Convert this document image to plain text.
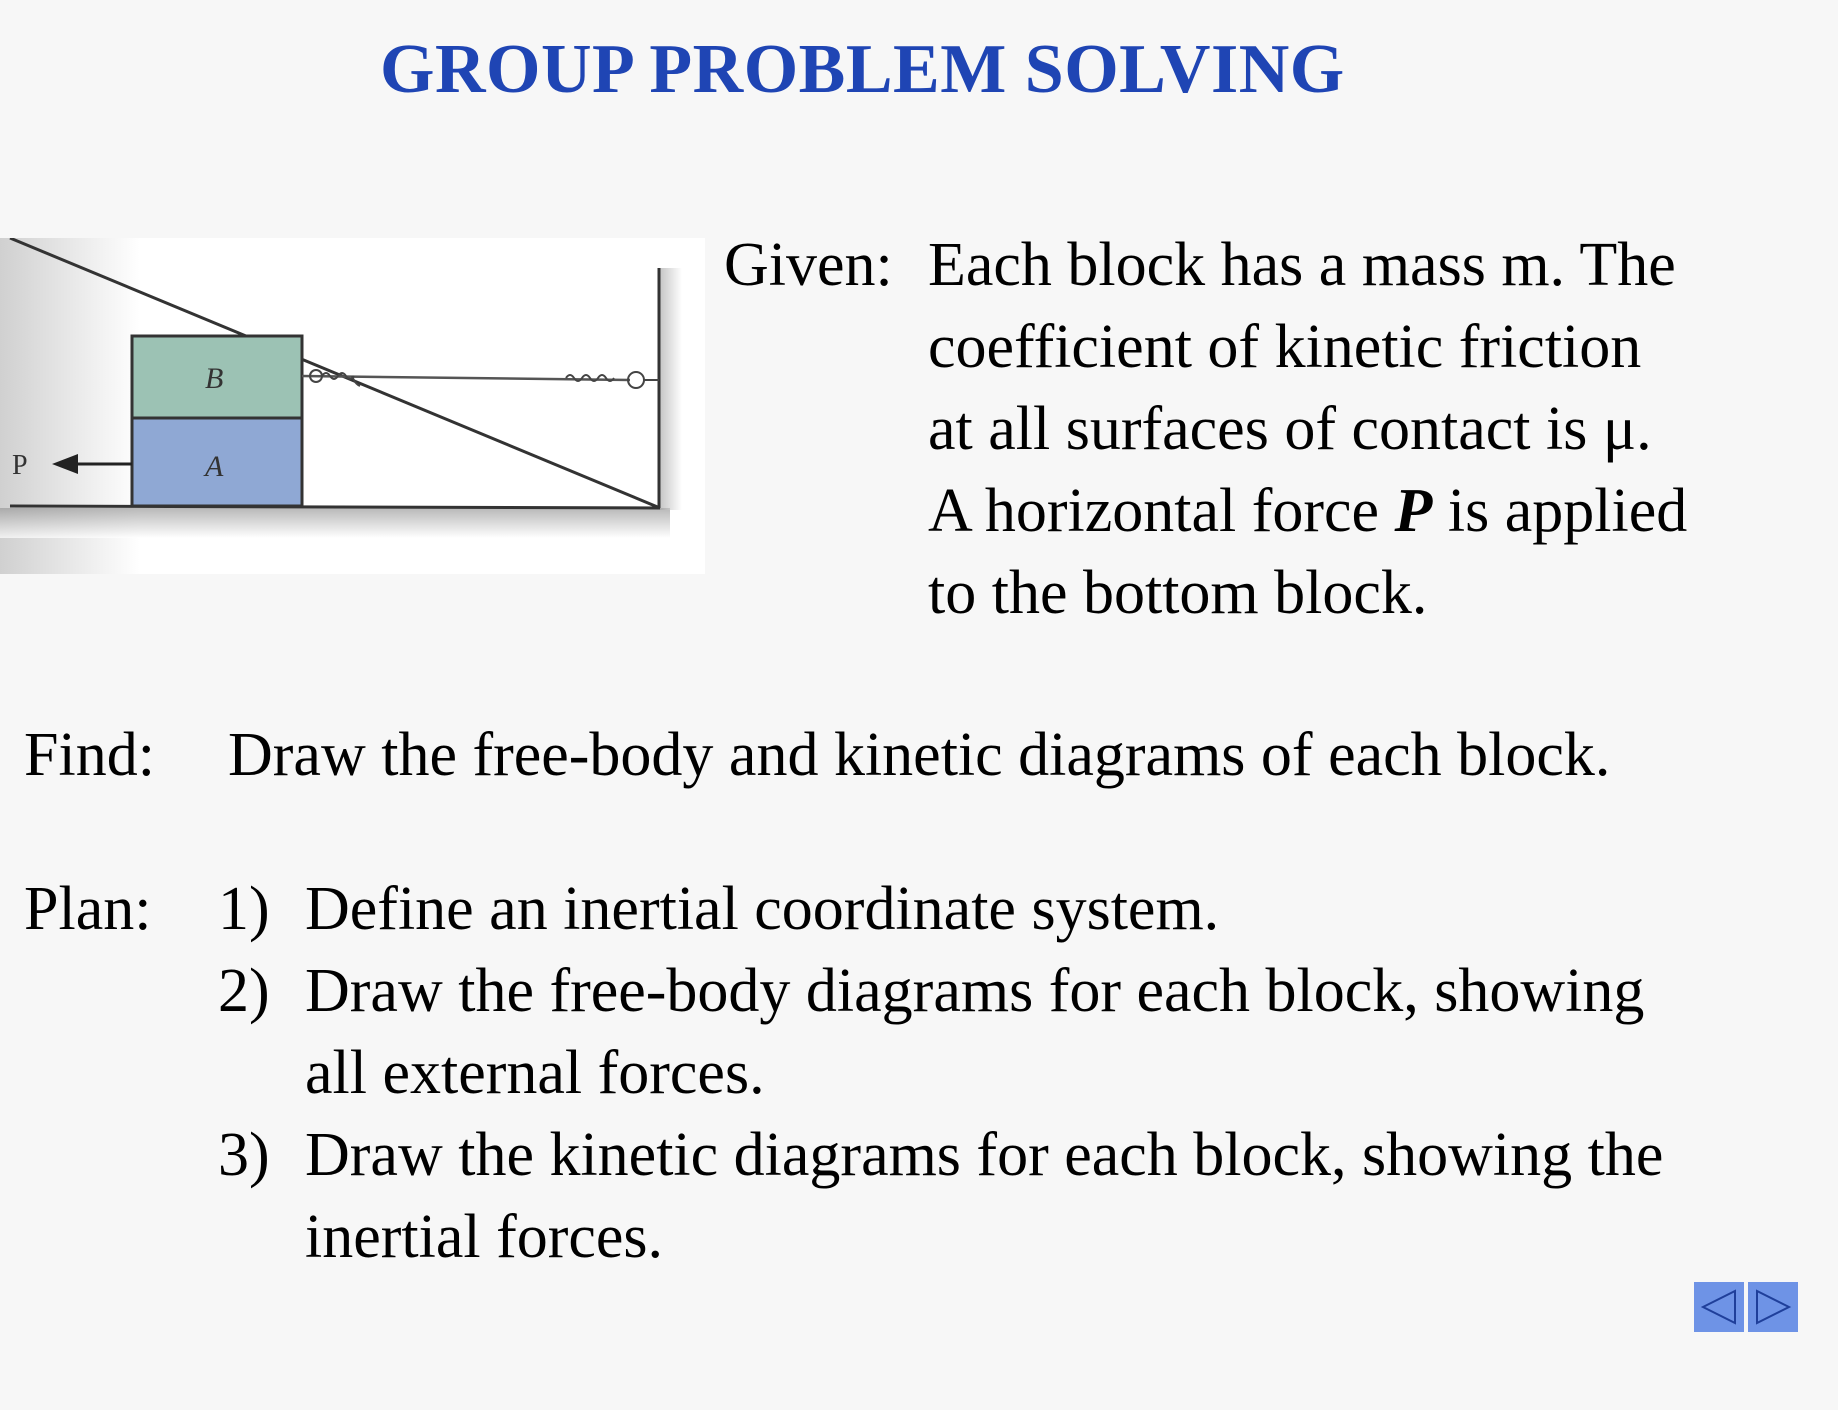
GROUP PROBLEM SOLVING
P
B
A
Given: Each block has a mass m. The
coefficient of kinetic friction
at all surfaces of contact is μ.
A horizontal force P is applied
to the bottom block.
Find: Draw the free-body and kinetic diagrams of each block.
Plan: 1) Define an inertial coordinate system.
2) Draw the free-body diagrams for each block, showing
all external forces.
3) Draw the kinetic diagrams for each block, showing the
inertial forces.
